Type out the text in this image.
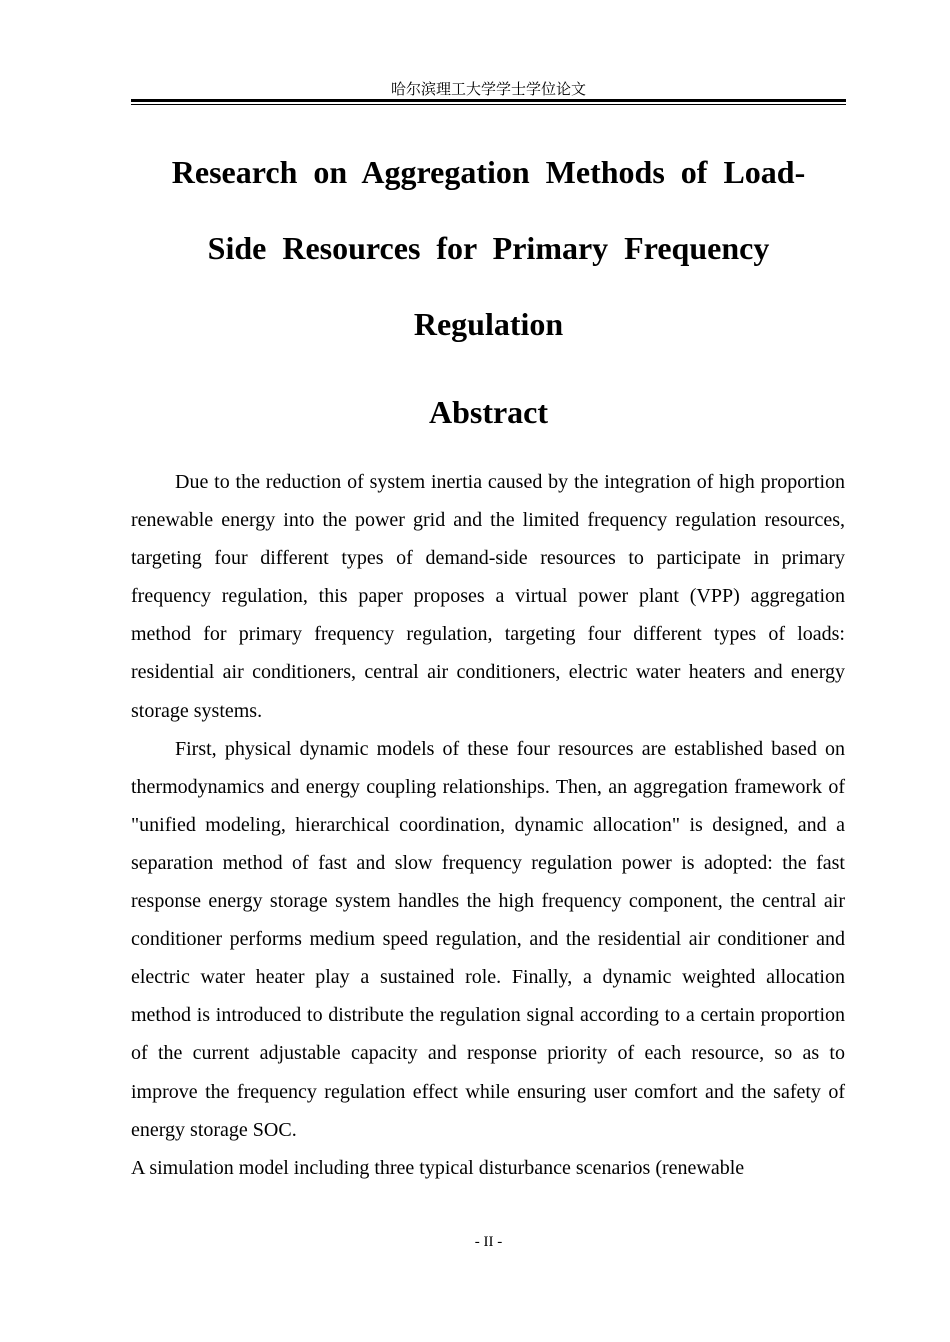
哈尔滨理工大学学士学位论文
Research on Aggregation Methods of Load-
Side Resources for Primary Frequency
Regulation
Abstract

Due to the reduction of system inertia caused by the integration of high proportion renewable energy into the power grid and the limited frequency regulation resources, targeting four different types of demand-side resources to participate in primary frequency regulation, this paper proposes a virtual power plant (VPP) aggregation method for primary frequency regulation, targeting four different types of loads: residential air conditioners, central air conditioners, electric water heaters and energy storage systems.

First, physical dynamic models of these four resources are established based on thermodynamics and energy coupling relationships. Then, an aggregation framework of "unified modeling, hierarchical coordination, dynamic allocation" is designed, and a separation method of fast and slow frequency regulation power is adopted: the fast response energy storage system handles the high frequency component, the central air conditioner performs medium speed regulation, and the residential air conditioner and electric water heater play a sustained role. Finally, a dynamic weighted allocation method is introduced to distribute the regulation signal according to a certain proportion of the current adjustable capacity and response priority of each resource, so as to improve the frequency regulation effect while ensuring user comfort and the safety of energy storage SOC.

A simulation model including three typical disturbance scenarios (renewable

- II -
